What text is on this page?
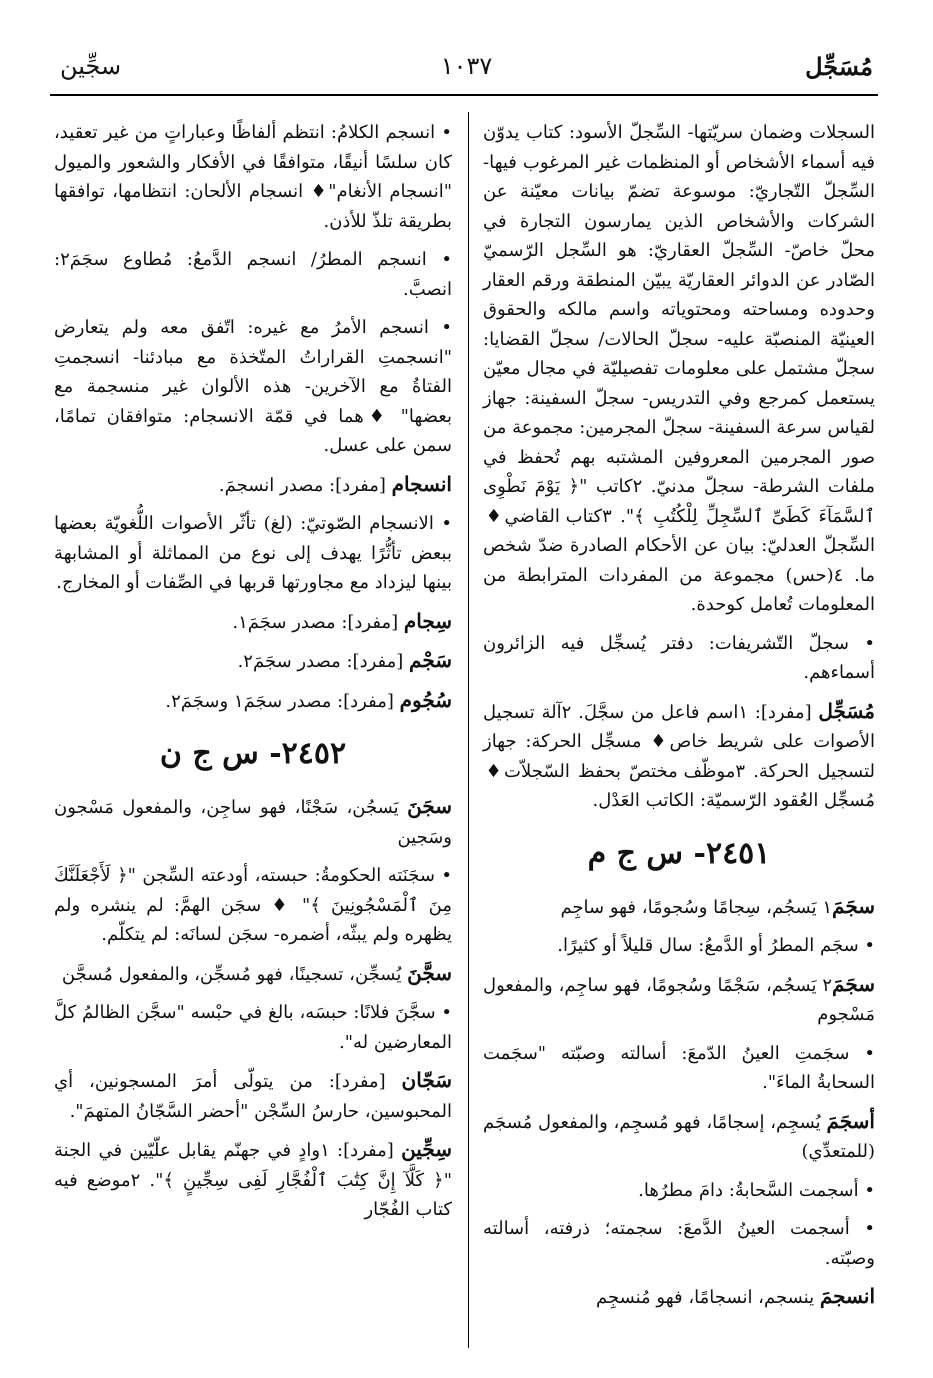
مُسَجِّل
١٠٣٧
سجِّين

السجلات وضمان سريّتها- السِّجلّ الأسود: كتاب يدوّن فيه أسماء الأشخاص أو المنظمات غير المرغوب فيها- السِّجلّ التّجاريّ: موسوعة تضمّ بيانات معيّنة عن الشركات والأشخاص الذين يمارسون التجارة في محلّ خاصّ- السِّجلّ العقاريّ: هو السِّجل الرّسميّ الصّادر عن الدوائر العقاريّة يبيّن المنطقة ورقم العقار وحدوده ومساحته ومحتوياته واسم مالكه والحقوق العينيّة المنصبّة عليه- سجلّ الحالات/ سجلّ القضايا: سجلّ مشتمل على معلومات تفصيليّة في مجال معيّن يستعمل كمرجع وفي التدريس- سجلّ السفينة: جهاز لقياس سرعة السفينة- سجلّ المجرمين: مجموعة من صور المجرمين المعروفين المشتبه بهم تُحفظ في ملفات الشرطة- سجلّ مدنيّ. ٢كاتب "﴿ يَوْمَ نَطْوِى ٱلسَّمَآءَ كَطَىِّ ٱلسِّجِلِّ لِلْكُتُبِ ﴾". ٣كتاب القاضي♦ السِّجلّ العدليّ: بيان عن الأحكام الصادرة ضدّ شخص ما. ٤(حس) مجموعة من المفردات المترابطة من المعلومات تُعامل كوحدة.

• سجلّ التّشريفات: دفتر يُسجِّل فيه الزائرون أسماءهم.

مُسَجِّل [مفرد]: ١اسم فاعل من سجَّلَ. ٢آلة تسجيل الأصوات على شريط خاص♦ مسجِّل الحركة: جهاز لتسجيل الحركة. ٣موظّف مختصّ بحفظ السّجلاّت♦ مُسجِّل العُقود الرّسميّة: الكاتب العَدْل.

٢٤٥١- س ج م

سجَمَ١ يَسجُم، سِجامًا وسُجومًا، فهو ساجِم

• سجَم المطرُ أو الدَّمعُ: سال قليلاً أو كثيرًا.

سجَمَ٢ يَسجُم، سَجْمًا وسُجومًا، فهو ساجِم، والمفعول مَسْجوم

• سجَمتِ العينُ الدّمعَ: أسالته وصبّته "سجَمت السحابةُ الماءَ".

أسجَمَ يُسجِم، إسجامًا، فهو مُسجِم، والمفعول مُسجَم (للمتعدِّي)

• أسجمت السَّحابةُ: دامَ مطرُها.

• أسجمت العينُ الدَّمعَ: سجمته؛ ذرفته، أسالته وصبّته.

انسجمَ ينسجم، انسجامًا، فهو مُنسجِم

• انسجم الكلامُ: انتظم ألفاظًا وعباراتٍ من غير تعقيد، كان سلسًا أنيقًا، متوافقًا في الأفكار والشعور والميول "انسجام الأنغام"♦ انسجام الألحان: انتظامها، توافقها بطريقة تلذّ للأذن.

• انسجم المطرُ/ انسجم الدَّمعُ: مُطاوع سجَمَ٢: انصبَّ.

• انسجم الأمرُ مع غيره: اتّفق معه ولم يتعارض "انسجمتِ القراراتُ المتّخذة مع مبادئنا- انسجمتِ الفتاةُ مع الآخرين- هذه الألوان غير منسجمة مع بعضها" ♦هما في قمّة الانسجام: متوافقان تمامًا، سمن على عسل.

انسجام [مفرد]: مصدر انسجمَ.

• الانسجام الصّوتيّ: (لغ) تأثّر الأصوات اللُّغويّة بعضها ببعض تأثُّرًا يهدف إلى نوع من المماثلة أو المشابهة بينها ليزداد مع مجاورتها قربها في الصِّفات أو المخارج.

سِجام [مفرد]: مصدر سجَمَ١.

سَجْم [مفرد]: مصدر سجَمَ٢.

سُجُوم [مفرد]: مصدر سجَمَ١ وسجَمَ٢.

٢٤٥٢- س ج ن

سجَنَ يَسجُن، سَجْنًا، فهو ساجِن، والمفعول مَسْجون وسَجين

• سجَنَته الحكومةُ: حبسته، أودعته السِّجن "﴿ لَأَجْعَلَنَّكَ مِنَ ٱلْمَسْجُونِينَ ﴾" ♦ سجَن الهمَّ: لم ينشره ولم يظهره ولم يبثّه، أضمره- سجَن لسانَه: لم يتكلّم.

سجَّنَ يُسجِّن، تسجينًا، فهو مُسجِّن، والمفعول مُسجَّن

• سجَّنَ فلانًا: حبسَه، بالغ في حبْسه "سجَّن الظالمُ كلَّ المعارضين له".

سَجّان [مفرد]: من يتولّى أمرَ المسجونين، أي المحبوسين، حارسُ السِّجْن "أحضر السَّجّانُ المتهمَ".

سِجِّين [مفرد]: ١وادٍ في جهنّم يقابل علّيّين في الجنة "﴿ كَلَّآ إِنَّ كِتَٰبَ ٱلْفُجَّارِ لَفِى سِجِّينٍ ﴾". ٢موضع فيه كتاب الفُجّار
